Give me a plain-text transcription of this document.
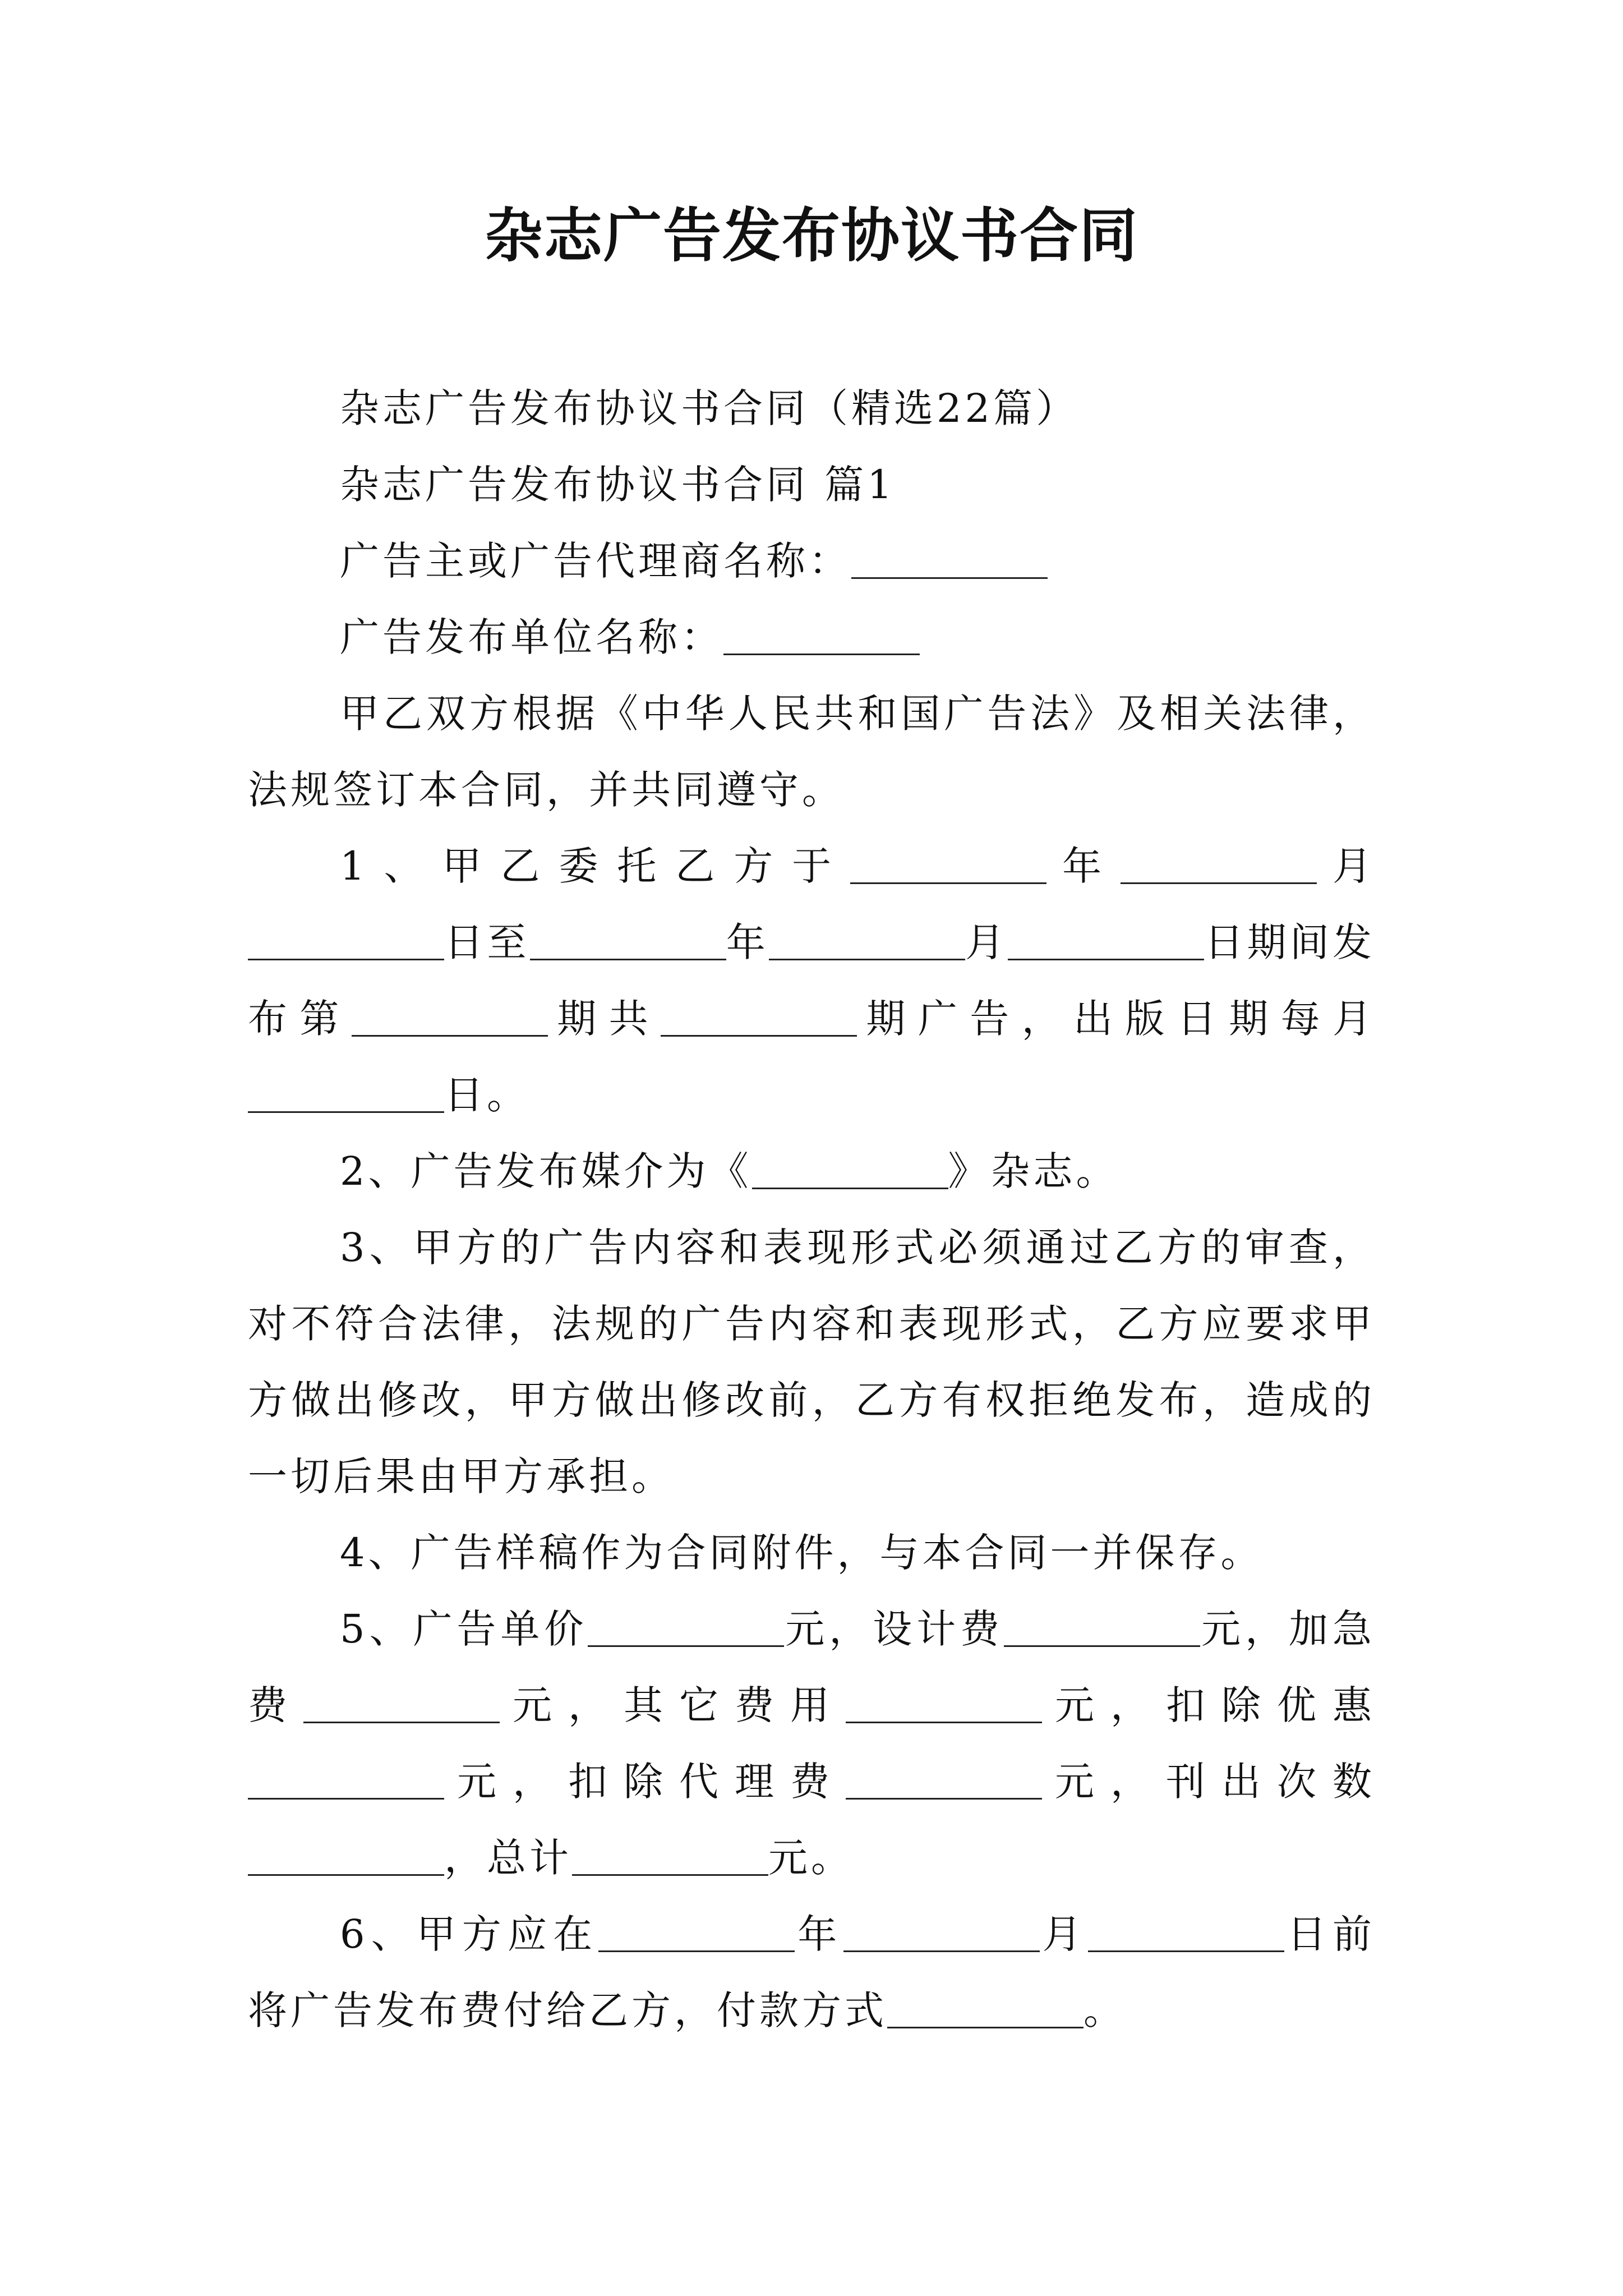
杂志广告发布协议书合同

杂志广告发布协议书合同（精选22篇）

杂志广告发布协议书合同 篇1

广告主或广告代理商名称：

广告发布单位名称：

甲乙双方根据《中华人民共和国广告法》及相关法律，法规签订本合同，并共同遵守。

1、甲乙委托乙方于	年	月日至	年	月	日期间发布第	期共	期广告，出版日期每月日。

2、广告发布媒介为《	》杂志。

3、甲方的广告内容和表现形式必须通过乙方的审查，对不符合法律，法规的广告内容和表现形式，乙方应要求甲方做出修改，甲方做出修改前，乙方有权拒绝发布，造成的一切后果由甲方承担。

4、广告样稿作为合同附件，与本合同一并保存。

5、广告单价	元，设计费	元，加急费	元，其它费用	元，扣除优惠元，扣除代理费	元，刊出次数，总计	元。

6、甲方应在	年	月	日前将广告发布费付给乙方，付款方式	。
